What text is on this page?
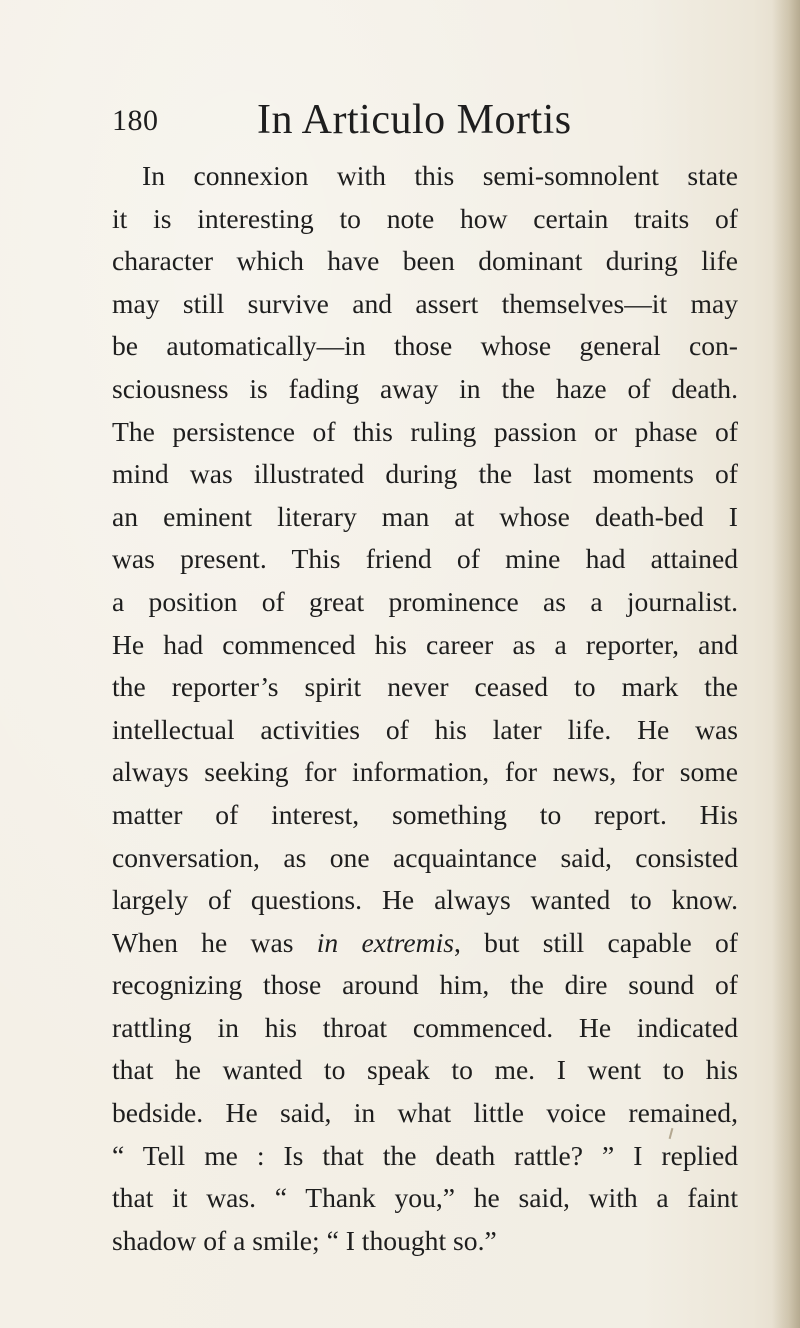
180 In Articulo Mortis
In connexion with this semi-somnolent state
it is interesting to note how certain traits of
character which have been dominant during life
may still survive and assert themselves—it may
be automatically—in those whose general con-
sciousness is fading away in the haze of death.
The persistence of this ruling passion or phase of
mind was illustrated during the last moments of
an eminent literary man at whose death-bed I
was present. This friend of mine had attained
a position of great prominence as a journalist.
He had commenced his career as a reporter, and
the reporter’s spirit never ceased to mark the
intellectual activities of his later life. He was
always seeking for information, for news, for some
matter of interest, something to report. His
conversation, as one acquaintance said, consisted
largely of questions. He always wanted to know.
When he was in extremis, but still capable of
recognizing those around him, the dire sound of
rattling in his throat commenced. He indicated
that he wanted to speak to me. I went to his
bedside. He said, in what little voice remained,
“ Tell me : Is that the death rattle? ” I replied
that it was. “ Thank you,” he said, with a faint
shadow of a smile; “ I thought so.”
